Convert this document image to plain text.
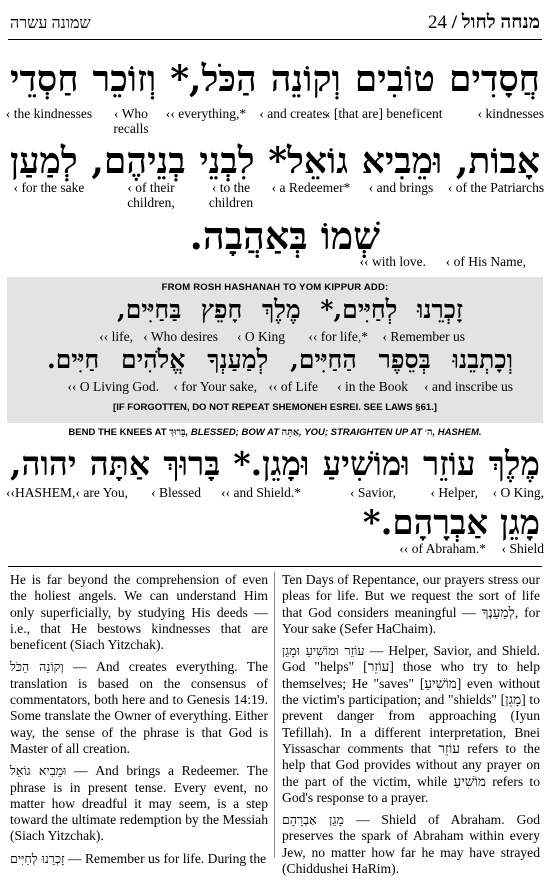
שמונה עשרה	מנחה לחול / 24
חֲסָדִים טוֹבִים וְקוֹנֵה הַכֹּל,* וְזוֹכֵר חַסְדֵי
‹ kindnesses
‹ [that are] beneficent
‹ and creates
‹‹ everything,*
‹ Who recalls
‹ the kindnesses
אָבוֹת, וּמֵבִיא גוֹאֵל* לִבְנֵי בְנֵיהֶם, לְמַעַן
‹ of the Patriarchs
‹ and brings
‹ a Redeemer*
‹ to the children
‹ of their children,
‹ for the sake
שְׁמוֹ בְּאַהֲבָה.
‹ of His Name,
‹‹ with love.
FROM ROSH HASHANAH TO YOM KIPPUR ADD:
זָכְרֵנוּ לְחַיִּים,* מֶלֶךְ חָפֵץ בַּחַיִּים,
‹ Remember us
‹‹ for life,*
‹ O King
‹ Who desires
‹‹ life,
וְכָתְבֵנוּ בְּסֵפֶר הַחַיִּים, לְמַעַנְךָ אֱלֹהִים חַיִּים.
‹ and inscribe us
‹ in the Book
‹‹ of Life
‹ for Your sake,
‹‹ O Living God.
[IF FORGOTTEN, DO NOT REPEAT SHEMONEH ESREI. SEE LAWS §61.]
BEND THE KNEES AT בָּרוּךְ, BLESSED; BOW AT אַתָּה, YOU; STRAIGHTEN UP AT ה׳, HASHEM.
מֶלֶךְ עוֹזֵר וּמוֹשִׁיעַ וּמָגֵן.* בָּרוּךְ אַתָּה יהוה,
‹ O King,
‹ Helper,
‹ Savior,
‹‹ and Shield.*
‹ Blessed
‹ are You,
‹‹HASHEM,
מָגֵן אַבְרָהָם.*
‹ Shield
‹‹ of Abraham.*

He is far beyond the comprehension of even the holiest angels. We can understand Him only superficially, by studying His deeds — i.e., that He bestows kindnesses that are beneficent (Siach Yitzchak).

וְקוֹנֵה הַכֹּל — And creates everything. The translation is based on the consensus of commentators, both here and to Genesis 14:19. Some translate the Owner of everything. Either way, the sense of the phrase is that God is Master of all creation.

וּמֵבִיא גוֹאֵל — And brings a Redeemer. The phrase is in present tense. Every event, no matter how dreadful it may seem, is a step toward the ultimate redemption by the Messiah (Siach Yitzchak).

זָכְרֵנוּ לְחַיִּים — Remember us for life. During the

Ten Days of Repentance, our prayers stress our pleas for life. But we request the sort of life that God considers meaningful — לְמַעַנְךָ, for Your sake (Sefer HaChaim).

עוֹזֵר וּמוֹשִׁיעַ וּמָגֵן — Helper, Savior, and Shield. God "helps" [עוֹזֵר] those who try to help themselves; He "saves" [מוֹשִׁיעַ] even without the victim's participation; and "shields" [מָגֵן] to prevent danger from approaching (Iyun Tefillah). In a different interpretation, Bnei Yissaschar comments that עוֹזֵר refers to the help that God provides without any prayer on the part of the victim, while מוֹשִׁיעַ refers to God's response to a prayer.

מָגֵן אַבְרָהָם — Shield of Abraham. God preserves the spark of Abraham within every Jew, no matter how far he may have strayed (Chiddushei HaRim).
